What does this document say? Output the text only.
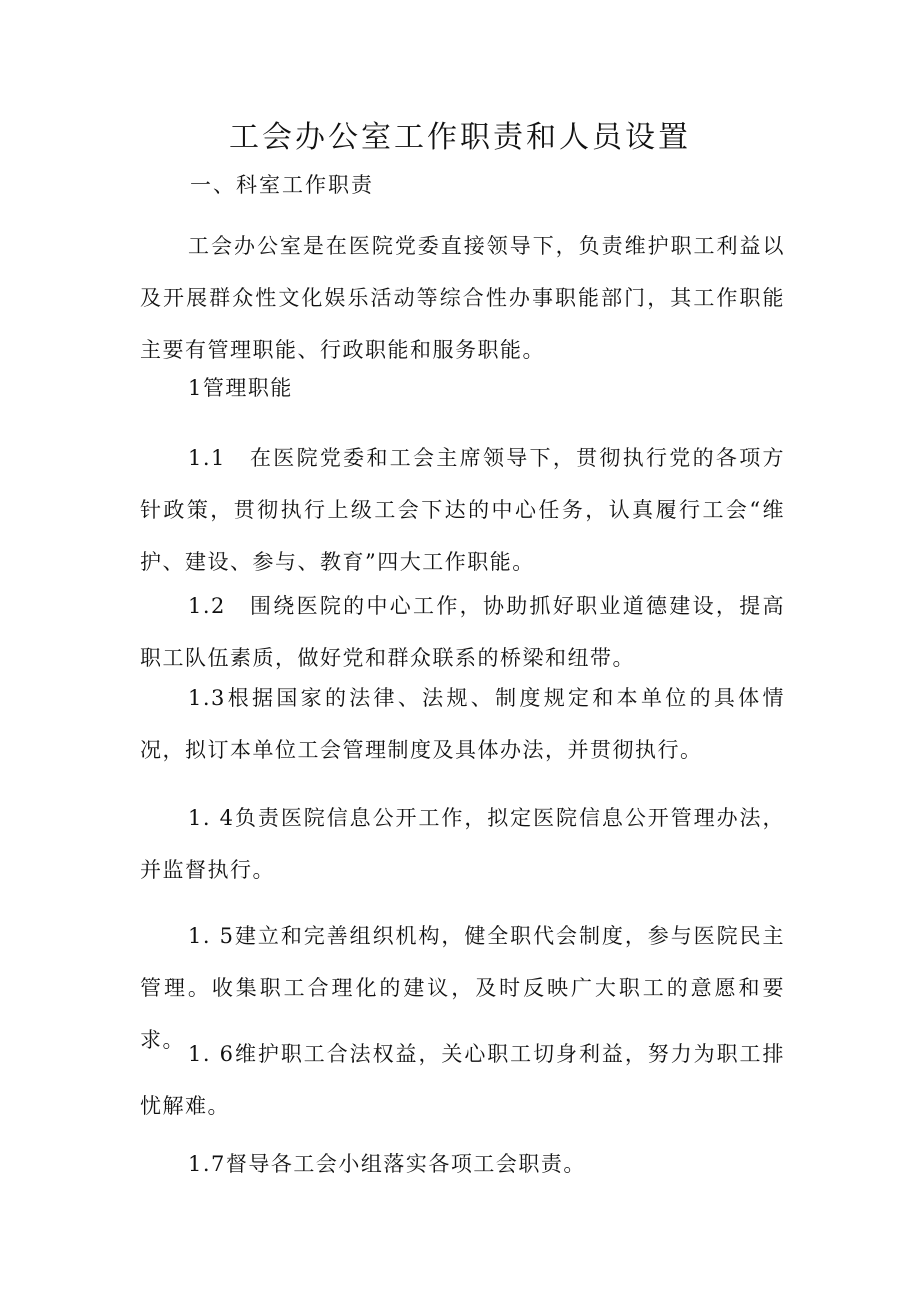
工会办公室工作职责和人员设置
一、科室工作职责

工会办公室是在医院党委直接领导下，负责维护职工利益以及开展群众性文化娱乐活动等综合性办事职能部门，其工作职能主要有管理职能、行政职能和服务职能。

1管理职能

1.1　在医院党委和工会主席领导下，贯彻执行党的各项方针政策，贯彻执行上级工会下达的中心任务，认真履行工会“维护、建设、参与、教育”四大工作职能。

1.2　围绕医院的中心工作，协助抓好职业道德建设，提高职工队伍素质，做好党和群众联系的桥梁和纽带。

1.3根据国家的法律、法规、制度规定和本单位的具体情况，拟订本单位工会管理制度及具体办法，并贯彻执行。

1. 4负责医院信息公开工作，拟定医院信息公开管理办法，并监督执行。

1. 5建立和完善组织机构，健全职代会制度，参与医院民主管理。收集职工合理化的建议，及时反映广大职工的意愿和要求。

1. 6维护职工合法权益，关心职工切身利益，努力为职工排忧解难。

1.7督导各工会小组落实各项工会职责。
